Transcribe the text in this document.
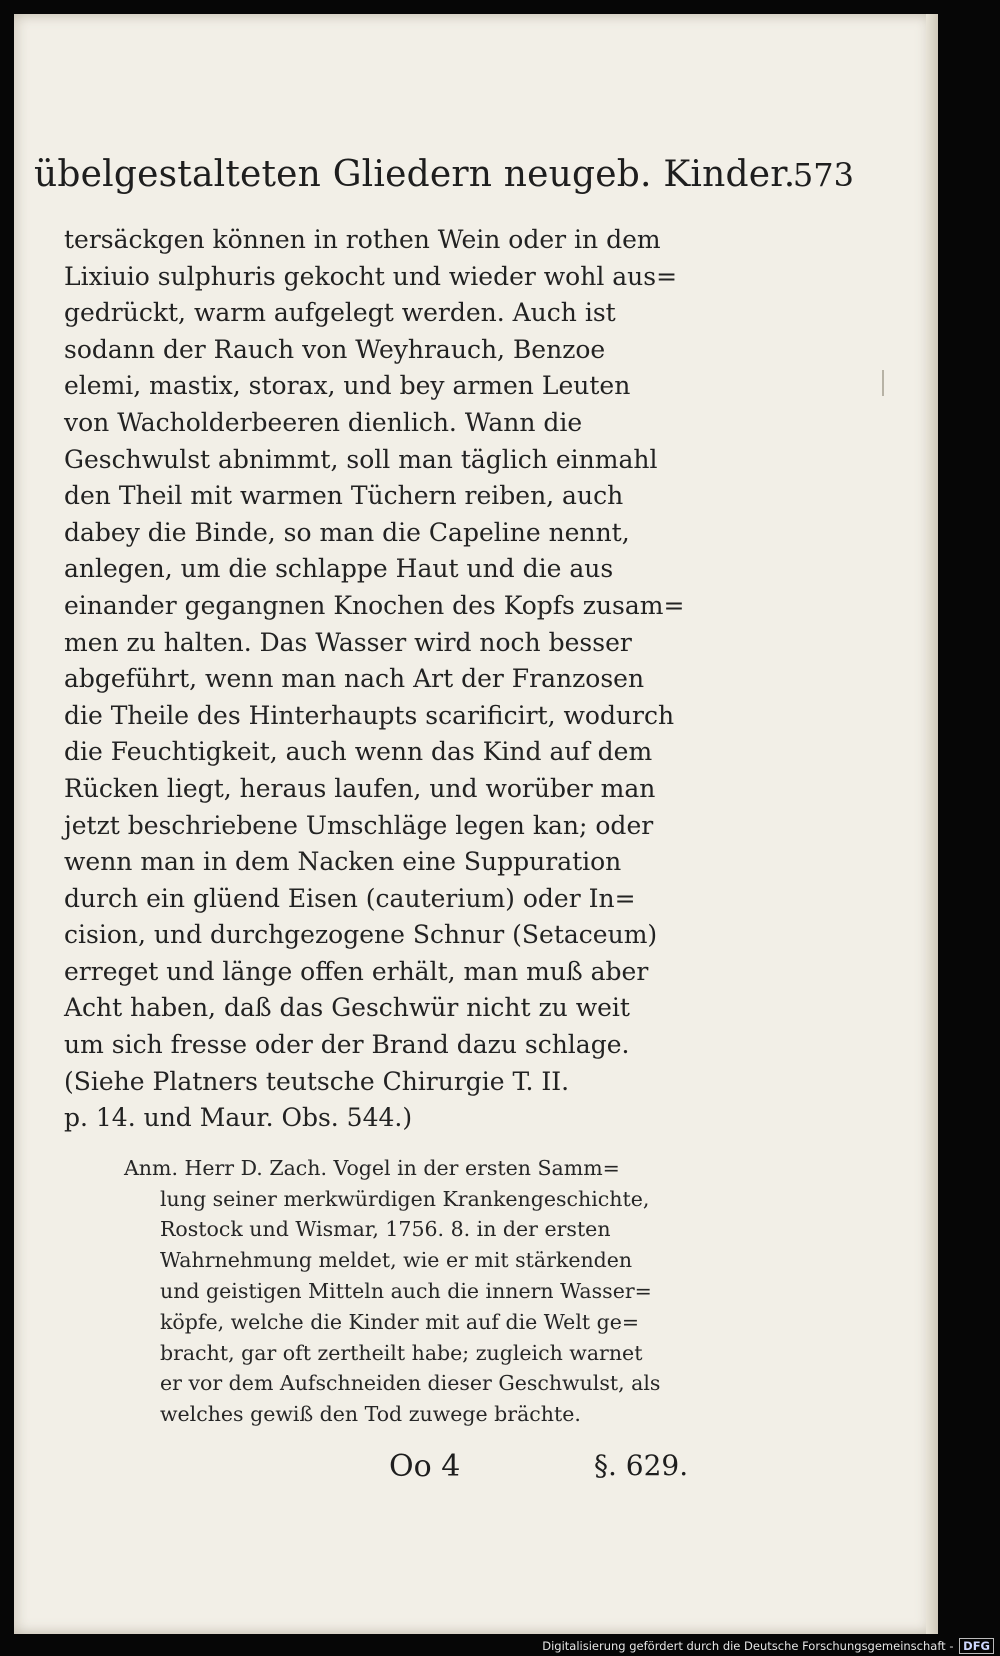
übelgestalteten Gliedern neugeb. Kinder.
573
tersäckgen können in rothen Wein oder in dem
Lixiuio sulphuris gekocht und wieder wohl aus=
gedrückt, warm aufgelegt werden. Auch ist
sodann der Rauch von Weyhrauch, Benzoe
elemi, mastix, storax, und bey armen Leuten
von Wacholderbeeren dienlich. Wann die
Geschwulst abnimmt, soll man täglich einmahl
den Theil mit warmen Tüchern reiben, auch
dabey die Binde, so man die Capeline nennt,
anlegen, um die schlappe Haut und die aus
einander gegangnen Knochen des Kopfs zusam=
men zu halten. Das Wasser wird noch besser
abgeführt, wenn man nach Art der Franzosen
die Theile des Hinterhaupts scarificirt, wodurch
die Feuchtigkeit, auch wenn das Kind auf dem
Rücken liegt, heraus laufen, und worüber man
jetzt beschriebene Umschläge legen kan; oder
wenn man in dem Nacken eine Suppuration
durch ein glüend Eisen (cauterium) oder In=
cision, und durchgezogene Schnur (Setaceum)
erreget und länge offen erhält, man muß aber
Acht haben, daß das Geschwür nicht zu weit
um sich fresse oder der Brand dazu schlage.
(Siehe Platners teutsche Chirurgie T. II.
p. 14. und Maur. Obs. 544.)
Anm. Herr D. Zach. Vogel in der ersten Samm=
lung seiner merkwürdigen Krankengeschichte,
Rostock und Wismar, 1756. 8. in der ersten
Wahrnehmung meldet, wie er mit stärkenden
und geistigen Mitteln auch die innern Wasser=
köpfe, welche die Kinder mit auf die Welt ge=
bracht, gar oft zertheilt habe; zugleich warnet
er vor dem Aufschneiden dieser Geschwulst, als
welches gewiß den Tod zuwege brächte.
Oo 4	§. 629.
Digitalisierung gefördert durch die Deutsche Forschungsgemeinschaft - DFG
